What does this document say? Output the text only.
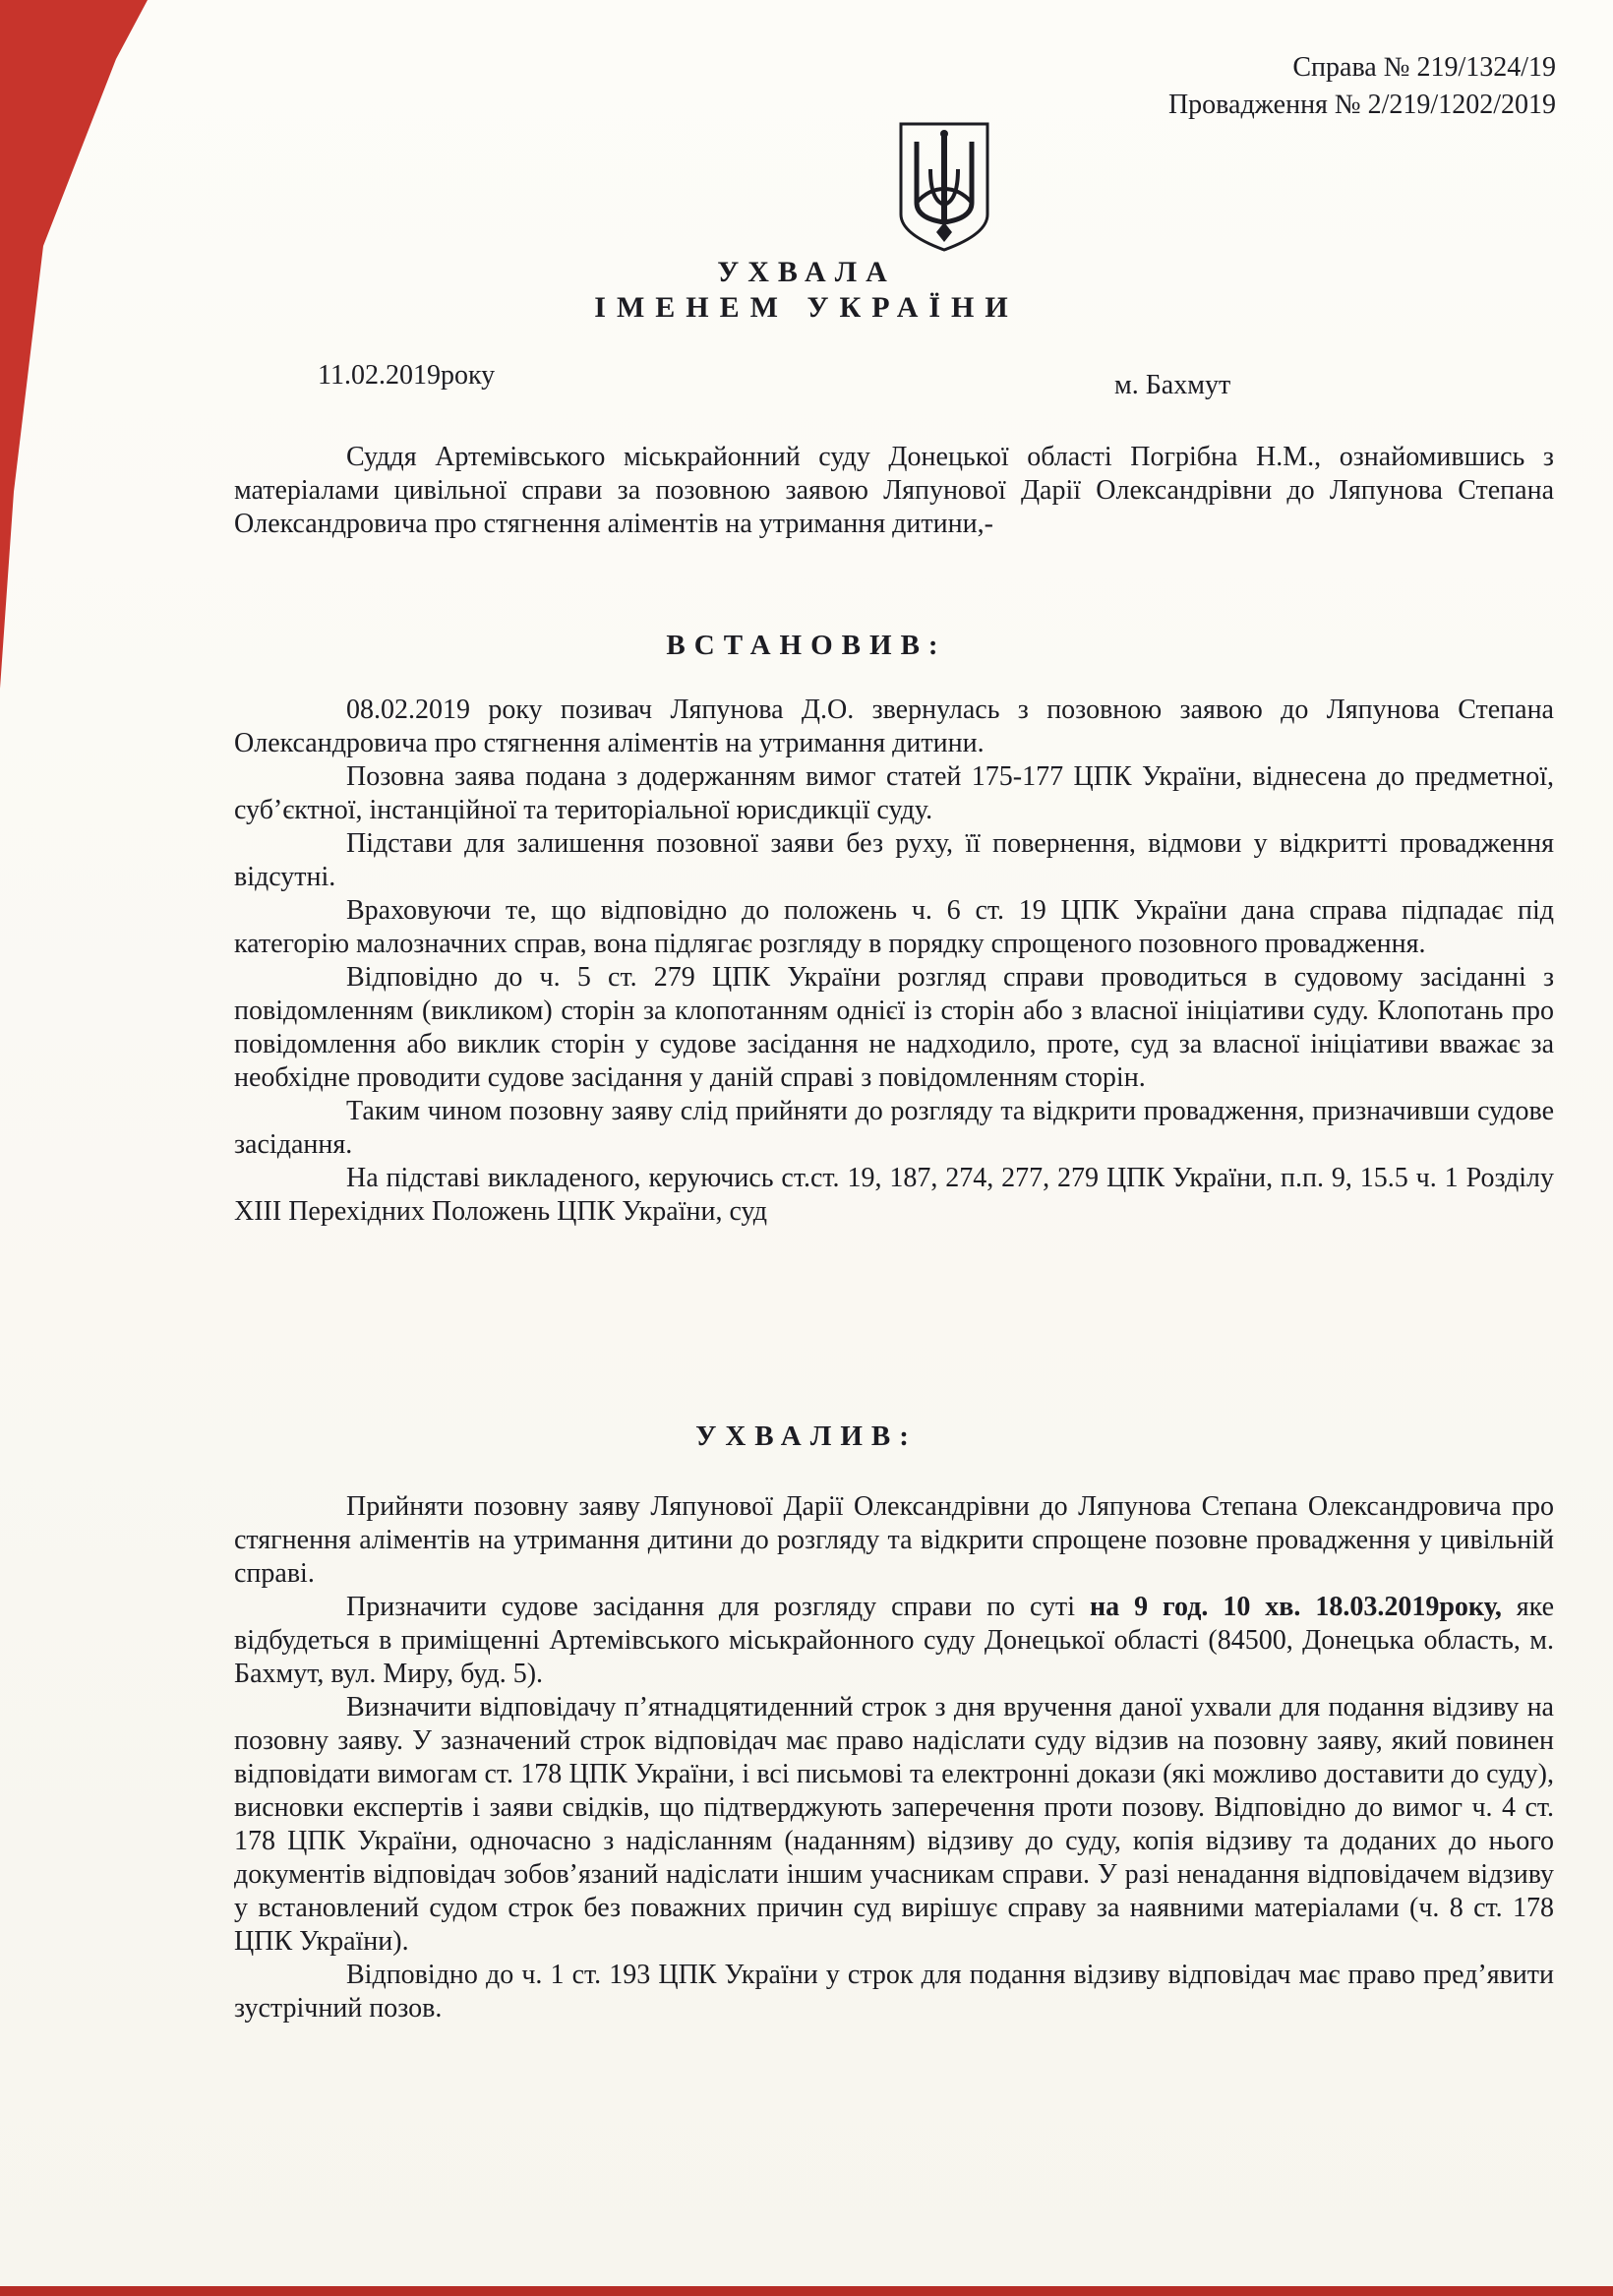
Справа № 219/1324/19
Провадження № 2/219/1202/2019
УХВАЛА
ІМЕНЕМ УКРАЇНИ
11.02.2019року	м. Бахмут

Суддя Артемівського міськрайонний суду Донецької області Погрібна Н.М., ознайомившись з матеріалами цивільної справи за позовною заявою Ляпунової Дарії Олександрівни до Ляпунова Степана Олександровича про стягнення аліментів на утримання дитини,-

ВСТАНОВИВ:

08.02.2019 року позивач Ляпунова Д.О. звернулась з позовною заявою до Ляпунова Степана Олександровича про стягнення аліментів на утримання дитини.

Позовна заява подана з додержанням вимог статей 175-177 ЦПК України, віднесена до предметної, суб’єктної, інстанційної та територіальної юрисдикції суду.

Підстави для залишення позовної заяви без руху, її повернення, відмови у відкритті провадження відсутні.

Враховуючи те, що відповідно до положень ч. 6 ст. 19 ЦПК України дана справа підпадає під категорію малозначних справ, вона підлягає розгляду в порядку спрощеного позовного провадження.

Відповідно до ч. 5 ст. 279 ЦПК України розгляд справи проводиться в судовому засіданні з повідомленням (викликом) сторін за клопотанням однієї із сторін або з власної ініціативи суду. Клопотань про повідомлення або виклик сторін у судове засідання не надходило, проте, суд за власної ініціативи вважає за необхідне проводити судове засідання у даній справі з повідомленням сторін.

Таким чином позовну заяву слід прийняти до розгляду та відкрити провадження, призначивши судове засідання.

На підставі викладеного, керуючись ст.ст. 19, 187, 274, 277, 279 ЦПК України, п.п. 9, 15.5 ч. 1 Розділу ХІІІ Перехідних Положень ЦПК України, суд

УХВАЛИВ:

Прийняти позовну заяву Ляпунової Дарії Олександрівни до Ляпунова Степана Олександровича про стягнення аліментів на утримання дитини до розгляду та відкрити спрощене позовне провадження у цивільній справі.

Призначити судове засідання для розгляду справи по суті на 9 год. 10 хв. 18.03.2019року, яке відбудеться в приміщенні Артемівського міськрайонного суду Донецької області (84500, Донецька область, м. Бахмут, вул. Миру, буд. 5).

Визначити відповідачу п’ятнадцятиденний строк з дня вручення даної ухвали для подання відзиву на позовну заяву. У зазначений строк відповідач має право надіслати суду відзив на позовну заяву, який повинен відповідати вимогам ст. 178 ЦПК України, і всі письмові та електронні докази (які можливо доставити до суду), висновки експертів і заяви свідків, що підтверджують заперечення проти позову. Відповідно до вимог ч. 4 ст. 178 ЦПК України, одночасно з надісланням (наданням) відзиву до суду, копія відзиву та доданих до нього документів відповідач зобов’язаний надіслати іншим учасникам справи. У разі ненадання відповідачем відзиву у встановлений судом строк без поважних причин суд вирішує справу за наявними матеріалами (ч. 8 ст. 178 ЦПК України).

Відповідно до ч. 1 ст. 193 ЦПК України у строк для подання відзиву відповідач має право пред’явити зустрічний позов.
